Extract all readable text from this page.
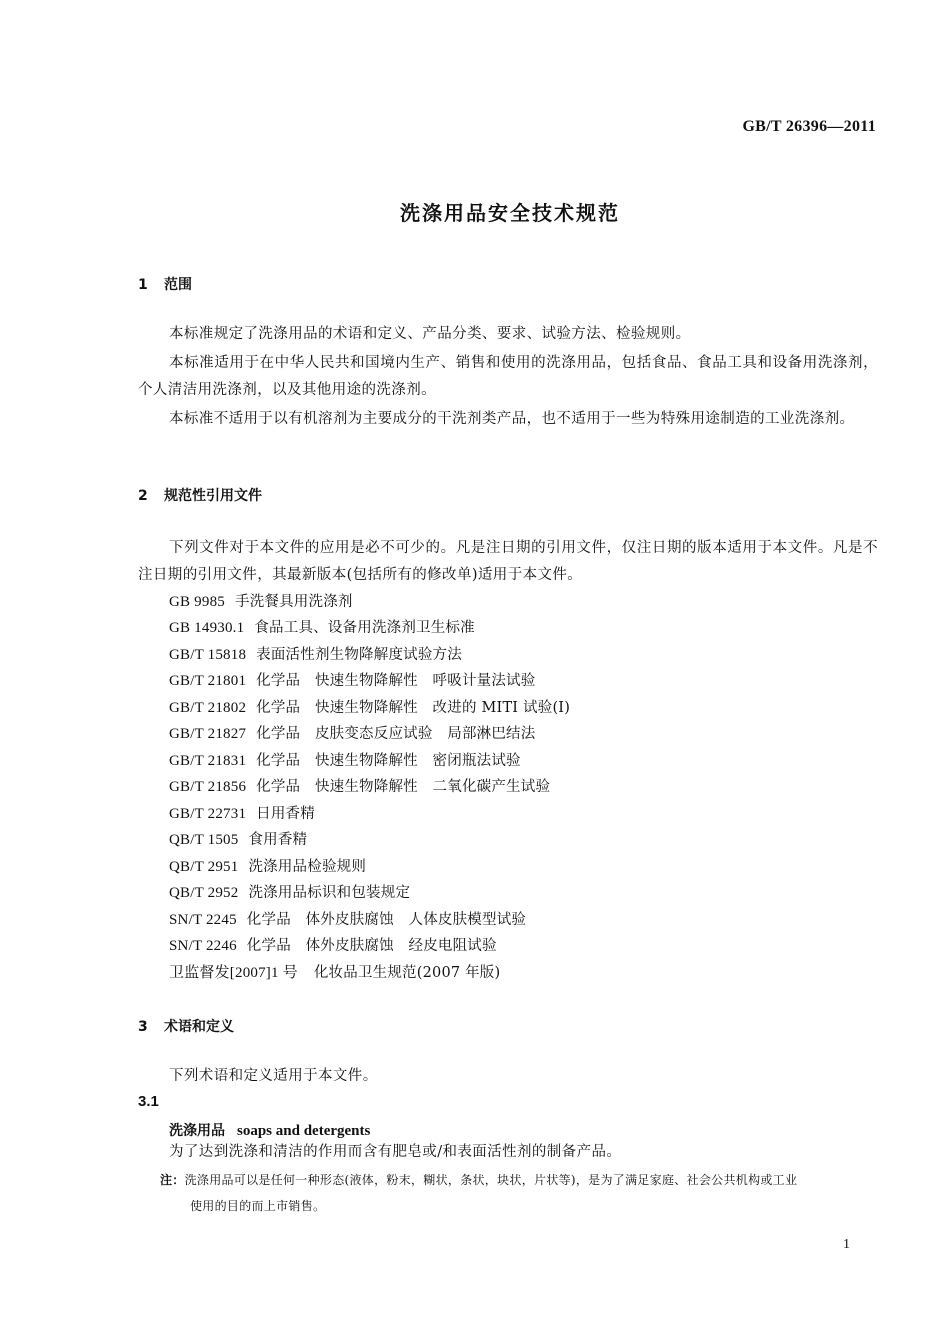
GB/T 26396—2011
洗涤用品安全技术规范
1 范围
本标准规定了洗涤用品的术语和定义、产品分类、要求、试验方法、检验规则。
本标准适用于在中华人民共和国境内生产、销售和使用的洗涤用品，包括食品、食品工具和设备用洗涤剂，个人清洁用洗涤剂，以及其他用途的洗涤剂。
本标准不适用于以有机溶剂为主要成分的干洗剂类产品，也不适用于一些为特殊用途制造的工业洗涤剂。
2 规范性引用文件
下列文件对于本文件的应用是必不可少的。凡是注日期的引用文件，仅注日期的版本适用于本文件。凡是不注日期的引用文件，其最新版本(包括所有的修改单)适用于本文件。
GB 9985 手洗餐具用洗涤剂
GB 14930.1 食品工具、设备用洗涤剂卫生标准
GB/T 15818 表面活性剂生物降解度试验方法
GB/T 21801 化学品　快速生物降解性　呼吸计量法试验
GB/T 21802 化学品　快速生物降解性　改进的 MITI 试验(I)
GB/T 21827 化学品　皮肤变态反应试验　局部淋巴结法
GB/T 21831 化学品　快速生物降解性　密闭瓶法试验
GB/T 21856 化学品　快速生物降解性　二氧化碳产生试验
GB/T 22731 日用香精
QB/T 1505 食用香精
QB/T 2951 洗涤用品检验规则
QB/T 2952 洗涤用品标识和包装规定
SN/T 2245 化学品　体外皮肤腐蚀　人体皮肤模型试验
SN/T 2246 化学品　体外皮肤腐蚀　经皮电阻试验
卫监督发[2007]1 号 化妆品卫生规范(2007 年版)
3 术语和定义
下列术语和定义适用于本文件。
3.1
洗涤用品 soaps and detergents
为了达到洗涤和清洁的作用而含有肥皂或/和表面活性剂的制备产品。
注：洗涤用品可以是任何一种形态(液体，粉末，糊状，条状，块状，片状等)，是为了满足家庭、社会公共机构或工业
使用的目的而上市销售。
1
